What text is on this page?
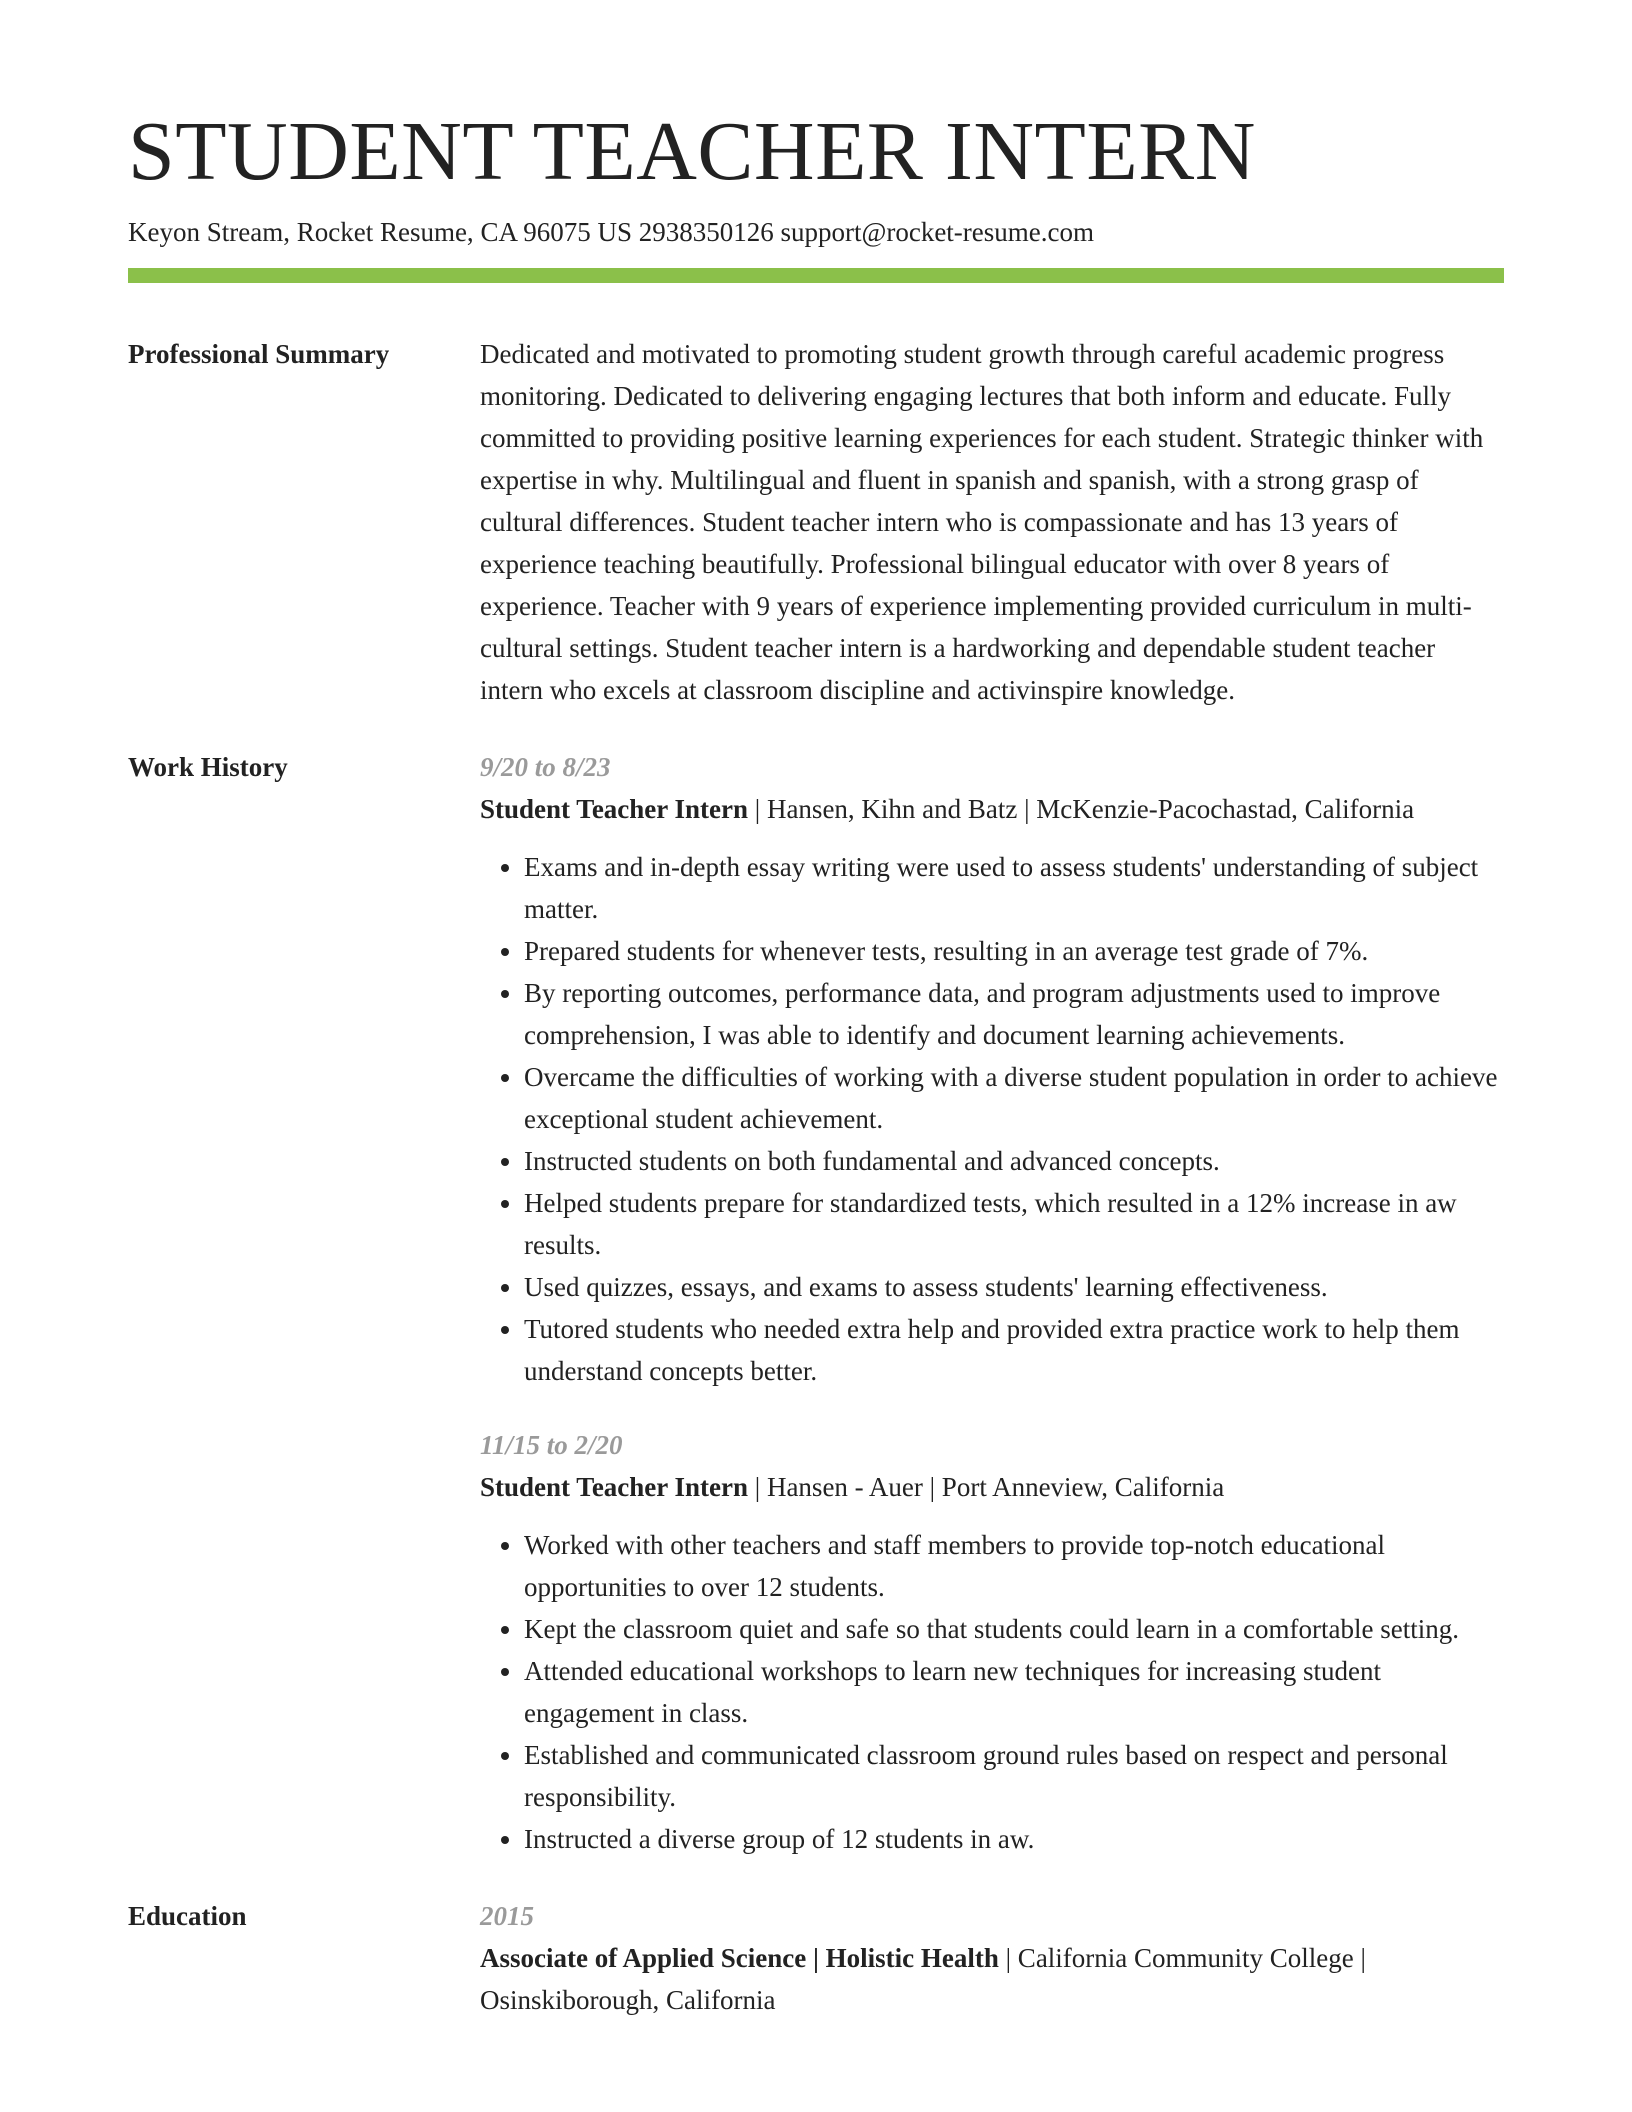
STUDENT TEACHER INTERN
Keyon Stream, Rocket Resume, CA 96075 US 2938350126 support@rocket-resume.com
Professional Summary	Dedicated and motivated to promoting student growth through careful academic progress monitoring. Dedicated to delivering engaging lectures that both inform and educate. Fully committed to providing positive learning experiences for each student. Strategic thinker with expertise in why. Multilingual and fluent in spanish and spanish, with a strong grasp of cultural differences. Student teacher intern who is compassionate and has 13 years of experience teaching beautifully. Professional bilingual educator with over 8 years of experience. Teacher with 9 years of experience implementing provided curriculum in multi-cultural settings. Student teacher intern is a hardworking and dependable student teacher intern who excels at classroom discipline and activinspire knowledge.

Work History	9/20 to 8/23
Student Teacher Intern | Hansen, Kihn and Batz | McKenzie-Pacochastad, California
• Exams and in-depth essay writing were used to assess students' understanding of subject matter.
• Prepared students for whenever tests, resulting in an average test grade of 7%.
• By reporting outcomes, performance data, and program adjustments used to improve comprehension, I was able to identify and document learning achievements.
• Overcame the difficulties of working with a diverse student population in order to achieve exceptional student achievement.
• Instructed students on both fundamental and advanced concepts.
• Helped students prepare for standardized tests, which resulted in a 12% increase in aw results.
• Used quizzes, essays, and exams to assess students' learning effectiveness.
• Tutored students who needed extra help and provided extra practice work to help them understand concepts better.
11/15 to 2/20
Student Teacher Intern | Hansen - Auer | Port Anneview, California
• Worked with other teachers and staff members to provide top-notch educational opportunities to over 12 students.
• Kept the classroom quiet and safe so that students could learn in a comfortable setting.
• Attended educational workshops to learn new techniques for increasing student engagement in class.
• Established and communicated classroom ground rules based on respect and personal responsibility.
• Instructed a diverse group of 12 students in aw.
Education	2015
Associate of Applied Science | Holistic Health | California Community College | Osinskiborough, California
